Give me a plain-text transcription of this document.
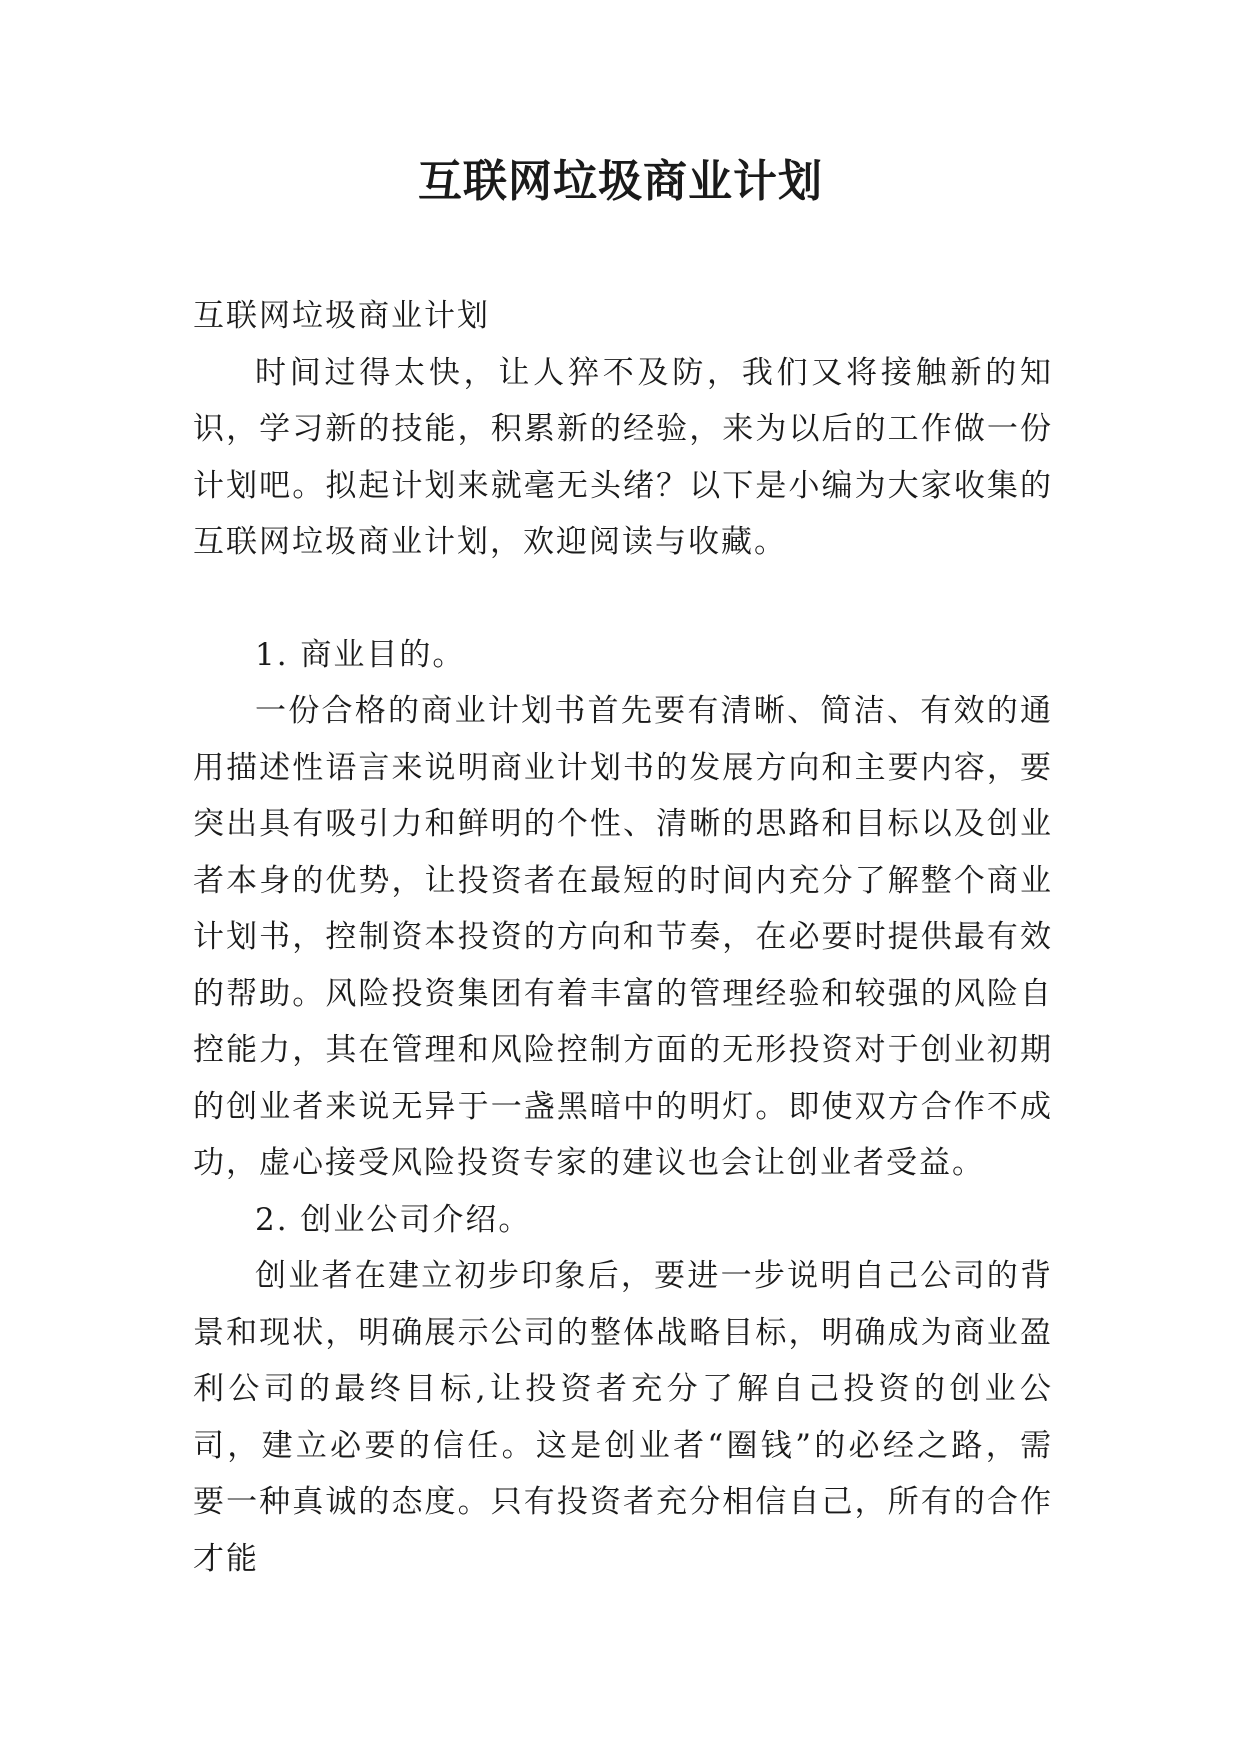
互联网垃圾商业计划

互联网垃圾商业计划

时间过得太快，让人猝不及防，我们又将接触新的知识，学习新的技能，积累新的经验，来为以后的工作做一份计划吧。拟起计划来就毫无头绪？以下是小编为大家收集的互联网垃圾商业计划，欢迎阅读与收藏。

1. 商业目的。

一份合格的商业计划书首先要有清晰、简洁、有效的通用描述性语言来说明商业计划书的发展方向和主要内容，要突出具有吸引力和鲜明的个性、清晰的思路和目标以及创业者本身的优势，让投资者在最短的时间内充分了解整个商业计划书，控制资本投资的方向和节奏，在必要时提供最有效的帮助。风险投资集团有着丰富的管理经验和较强的风险自控能力，其在管理和风险控制方面的无形投资对于创业初期的创业者来说无异于一盏黑暗中的明灯。即使双方合作不成功，虚心接受风险投资专家的建议也会让创业者受益。

2. 创业公司介绍。

创业者在建立初步印象后，要进一步说明自己公司的背景和现状，明确展示公司的整体战略目标，明确成为商业盈利公司的最终目标,让投资者充分了解自己投资的创业公司，建立必要的信任。这是创业者“圈钱”的必经之路，需要一种真诚的态度。只有投资者充分相信自己，所有的合作才能
